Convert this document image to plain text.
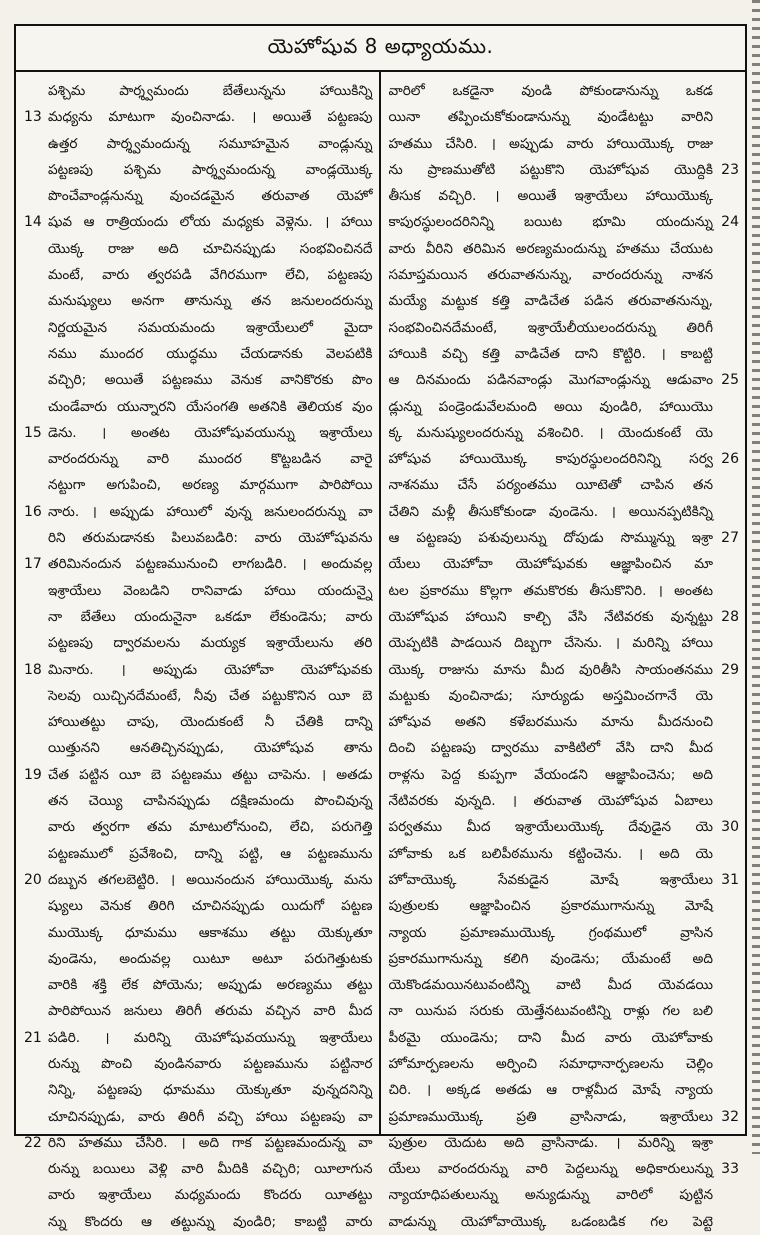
యెహోషువ 8 అధ్యాయము.
పశ్చిమ పార్శ్వమందు బేతేలున్నను హాయికిన్ని
13 మధ్యను మాటుగా వుంచినాడు. । అయితే పట్టణపు
ఉత్తర పార్శ్వమందున్న సమూహమైన వాండ్లున్ను
పట్టణపు పశ్చిమ పార్శ్వమందున్న వాండ్లయొక్క
పొంచేవాండ్లనున్ను వుంచడమైన తరువాత యెహో
14 షువ ఆ రాత్రియందు లోయ మధ్యకు వెళ్లెను. । హాయి
యొక్క రాజు అది చూచినప్పుడు సంభవించినదే
మంటే, వారు త్వరపడి వేగిరముగా లేచి, పట్టణపు
మనుష్యులు అనగా తానున్ను తన జనులందరున్ను
నిర్ణయమైన సమయమందు ఇశ్రాయేలులో మైదా
నము ముందర యుద్ధము చేయడానకు వెలపటికి
వచ్చిరి; అయితే పట్టణము వెనుక వానికొరకు పొం
చుండేవారు యున్నారని యేసంగతి అతనికి తెలియక వుం
15 డెను. । అంతట యెహోషువయున్ను ఇశ్రాయేలు
వారందరున్ను వారి ముందర కొట్టబడిన వారై
నట్టుగా అగుపించి, అరణ్య మార్గముగా పారిపోయి
16 నారు. । అప్పుడు హాయిలో వున్న జనులందరున్ను వా
రిని తరుమడానకు పిలువబడిరి: వారు యెహోషువను
17 తరిమినందున పట్టణమునుంచి లాగబడిరి. । అందువల్ల
ఇశ్రాయేలు వెంబడిని రానివాడు హాయి యందున్నై
నా బేతేలు యందునైనా ఒకడూ లేకుండెను; వారు
పట్టణపు ద్వారమలను మయ్యక ఇశ్రాయేలును తరి
18 మినారు. । అప్పుడు యెహోవా యెహోషువకు
సెలవు యిచ్చినదేమంటే, నీవు చేత పట్టుకొనిన యీ బె
హాయితట్టు చాపు, యెందుకంటే నీ చేతికి దాన్ని
యిత్తునని ఆనతిచ్చినప్పుడు, యెహోషువ తాను
19 చేత పట్టిన యీ బె పట్టణము తట్టు చాపెను. । అతడు
తన చెయ్యి చాపినప్పుడు దక్షిణమందు పొంచివున్న
వారు త్వరగా తమ మాటులోనుంచి, లేచి, పరుగెత్తి
పట్టణములో ప్రవేశించి, దాన్ని పట్టి, ఆ పట్టణమును
20 దబ్బున తగలబెట్టిరి. । అయినందున హాయియొక్క మను
ష్యులు వెనుక తిరిగి చూచినప్పుడు యిదుగో పట్టణ
ముయొక్క ధూమము ఆకాశము తట్టు యెక్కుతూ
వుండెను, అందువల్ల యిటూ అటూ పరుగెత్తుటకు
వారికి శక్తి లేక పోయెను; అప్పుడు అరణ్యము తట్టు
పారిపోయిన జనులు తిరిగీ తరుమ వచ్చిన వారి మీద
21 పడిరి. । మరిన్ని యెహోషువయున్ను ఇశ్రాయేలు
రున్ను పొంచి వుండినవారు పట్టణమును పట్టినార
నిన్ని, పట్టణపు ధూమము యెక్కుతూ వున్నదనిన్ని
చూచినప్పుడు, వారు తిరిగీ వచ్చి హాయి పట్టణపు వా
22 రిని హతము చేసిరి. । అది గాక పట్టణమందున్న వా
రున్ను బయిలు వెళ్లి వారి మీదికి వచ్చిరి; యీలాగున
వారు ఇశ్రాయేలు మధ్యమందు కొందరు యీతట్టు
న్ను కొందరు ఆ తట్టున్ను వుండిరి; కాబట్టి వారు
వారిలో ఒకడైనా వుండి పోకుండానున్ను ఒకడ
యినా తప్పించుకోకుండానున్ను వుండేటట్టు వారిని
హతము చేసిరి. । అప్పుడు వారు హాయియొక్క రాజు
23
ను ప్రాణముతోటి పట్టుకొని యెహోషువ యొద్దికి
తీసుక వచ్చిరి. । అయితే ఇశ్రాయేలు హాయియొక్క
24
కాపురస్థులందరినిన్ని బయిట భూమి యందున్ను
వారు వీరిని తరిమిన అరణ్యమందున్ను హతము చేయుట
సమాప్తమయిన తరువాతనున్ను, వారందరున్ను నాశన
మయ్యే మట్టుక కత్తి వాడిచేత పడిన తరువాతనున్ను,
సంభవించినదేమంటే, ఇశ్రాయేలీయులందరున్ను తిరిగీ
హాయికి వచ్చి కత్తి వాడిచేత దాని కొట్టిరి. । కాబట్టి
25
ఆ దినమందు పడినవాండ్లు మొగవాండ్లున్ను ఆడువాం
డ్లున్ను పండ్రెండువేలమంది అయి వుండిరి, హాయియొ
క్క మనుష్యులందరున్ను వశించిరి. । యెందుకంటే యె
26
హోషువ హాయియొక్క కాపురస్థులందరినిన్ని సర్వ
నాశనము చేసే పర్యంతము యీటెతో చాపిన తన
చేతిని మళ్లీ తీసుకోకుండా వుండెను. । అయినప్పటికిన్ని
27
ఆ పట్టణపు పశువులున్ను దోపుడు సొమ్మున్ను ఇశ్రా
యేలు యెహోవా యెహోషువకు ఆజ్ఞాపించిన మా
టల ప్రకారము కొల్లగా తమకొరకు తీసుకొనిరి. । అంతట
28
యెహోషువ హాయిని కాల్చి వేసి నేటివరకు వున్నట్టు
యెప్పటికి పాడయిన దిబ్బగా చేసెను. । మరిన్ని హాయి
29
యొక్క రాజును మాను మీద వురితీసి సాయంతనము
మట్టుకు వుంచినాడు; సూర్యుడు అస్తమించగానే యె
హోషువ అతని కళేబరమును మాను మీదనుంచి
దించి పట్టణపు ద్వారము వాకిటిలో వేసి దాని మీద
రాళ్లను పెద్ద కుప్పగా వేయండని ఆజ్ఞాపించెను; అది
నేటివరకు వున్నది. । తరువాత యెహోషువ ఏబాలు
30
పర్వతము మీద ఇశ్రాయేలుయొక్క దేవుడైన యె
హోవాకు ఒక బలిపీఠమును కట్టించెను. । అది యె
31
హోవాయొక్క సేవకుడైన మోషే ఇశ్రాయేలు
పుత్రులకు ఆజ్ఞాపించిన ప్రకారముగానున్ను మోషే
న్యాయ ప్రమాణముయొక్క గ్రంథములో వ్రాసిన
ప్రకారముగానున్ను కలిగి వుండెను; యేమంటే అది
యెకొండమయినటువంటిన్ని వాటి మీద యెవడయి
నా యినుప సరుకు యెత్తేనటువంటిన్ని రాళ్లు గల బలి
పీఠమై యుండెను; దాని మీద వారు యెహోవాకు
హోమార్పణలను అర్పించి సమాధానార్పణలను చెల్లిం
చిరి. । అక్కడ అతడు ఆ రాళ్లమీద మోషే న్యాయ
32
ప్రమాణముయొక్క ప్రతి వ్రాసినాడు, ఇశ్రాయేలు
పుత్రుల యెదుట అది వ్రాసినాడు. । మరిన్ని ఇశ్రా
33
యేలు వారందరున్ను వారి పెద్దలున్ను అధికారులున్ను
న్యాయాధిపతులున్ను అన్యుడున్ను వారిలో పుట్టిన
వాడున్ను యెహోవాయొక్క ఒడంబడిక గల పెట్టె
